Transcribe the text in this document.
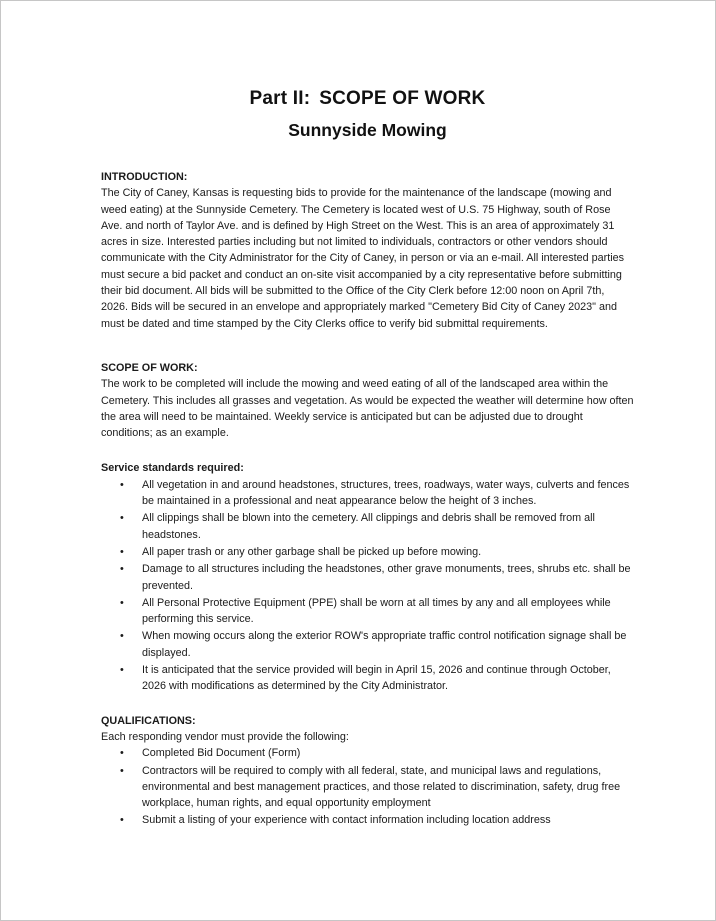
Part II: SCOPE OF WORK
Sunnyside Mowing
INTRODUCTION:

The City of Caney, Kansas is requesting bids to provide for the maintenance of the landscape (mowing and weed eating) at the Sunnyside Cemetery. The Cemetery is located west of U.S. 75 Highway, south of Rose Ave. and north of Taylor Ave. and is defined by High Street on the West. This is an area of approximately 31 acres in size. Interested parties including but not limited to individuals, contractors or other vendors should communicate with the City Administrator for the City of Caney, in person or via an e-mail. All interested parties must secure a bid packet and conduct an on-site visit accompanied by a city representative before submitting their bid document. All bids will be submitted to the Office of the City Clerk before 12:00 noon on April 7th, 2026. Bids will be secured in an envelope and appropriately marked "Cemetery Bid City of Caney 2023" and must be dated and time stamped by the City Clerks office to verify bid submittal requirements.

SCOPE OF WORK:

The work to be completed will include the mowing and weed eating of all of the landscaped area within the Cemetery. This includes all grasses and vegetation. As would be expected the weather will determine how often the area will need to be maintained. Weekly service is anticipated but can be adjusted due to drought conditions; as an example.

Service standards required:
•	All vegetation in and around headstones, structures, trees, roadways, water ways, culverts and fences be maintained in a professional and neat appearance below the height of 3 inches.
•	All clippings shall be blown into the cemetery. All clippings and debris shall be removed from all headstones.
•	All paper trash or any other garbage shall be picked up before mowing.
•	Damage to all structures including the headstones, other grave monuments, trees, shrubs etc. shall be prevented.
•	All Personal Protective Equipment (PPE) shall be worn at all times by any and all employees while performing this service.
•	When mowing occurs along the exterior ROW's appropriate traffic control notification signage shall be displayed.
•	It is anticipated that the service provided will begin in April 15, 2026 and continue through October, 2026 with modifications as determined by the City Administrator.
QUALIFICATIONS:

Each responding vendor must provide the following:

•	Completed Bid Document (Form)
•	Contractors will be required to comply with all federal, state, and municipal laws and regulations, environmental and best management practices, and those related to discrimination, safety, drug free workplace, human rights, and equal opportunity employment
•	Submit a listing of your experience with contact information including location address
